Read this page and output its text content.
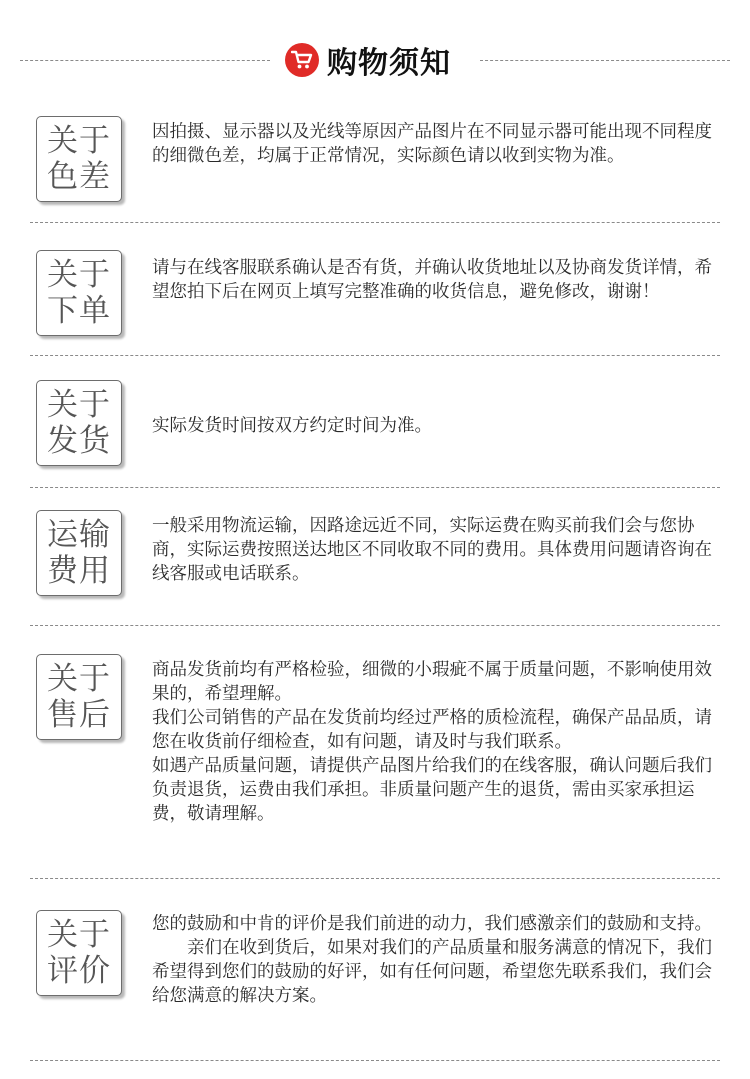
购物须知
关于
色差

因拍摄、显示器以及光线等原因产品图片在不同显示器可能出现不同程度的细微色差，均属于正常情况，实际颜色请以收到实物为准。

关于
下单

请与在线客服联系确认是否有货，并确认收货地址以及协商发货详情，希望您拍下后在网页上填写完整准确的收货信息，避免修改，谢谢！

关于
发货 实际发货时间按双方约定时间为准。

运输
费用

一般采用物流运输，因路途远近不同，实际运费在购买前我们会与您协商，实际运费按照送达地区不同收取不同的费用。具体费用问题请咨询在线客服或电话联系。

关于
售后

商品发货前均有严格检验，细微的小瑕疵不属于质量问题，不影响使用效果的，希望理解。

我们公司销售的产品在发货前均经过严格的质检流程，确保产品品质，请您在收货前仔细检查，如有问题，请及时与我们联系。

如遇产品质量问题，请提供产品图片给我们的在线客服，确认问题后我们负责退货，运费由我们承担。非质量问题产生的退货，需由买家承担运费，敬请理解。

关于
评价

您的鼓励和中肯的评价是我们前进的动力，我们感激亲们的鼓励和支持。

亲们在收到货后，如果对我们的产品质量和服务满意的情况下，我们希望得到您们的鼓励的好评，如有任何问题，希望您先联系我们，我们会给您满意的解决方案。
